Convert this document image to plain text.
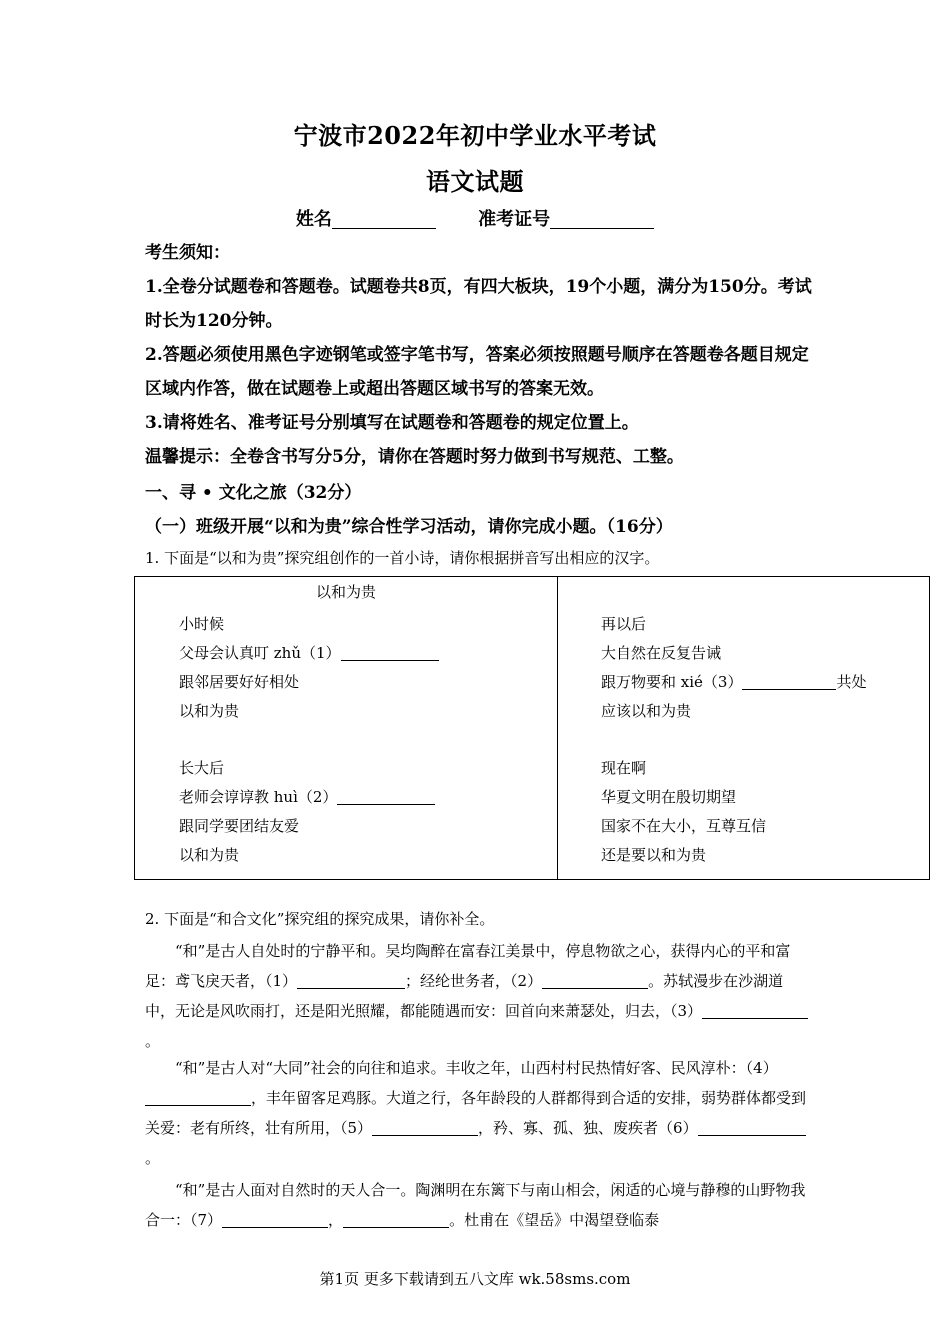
宁波市2022年初中学业水平考试
语文试题
姓名	准考证号
考生须知：
1.全卷分试题卷和答题卷。试题卷共8页，有四大板块，19个小题，满分为150分。考试时长为120分钟。
2.答题必须使用黑色字迹钢笔或签字笔书写，答案必须按照题号顺序在答题卷各题目规定区域内作答，做在试题卷上或超出答题区域书写的答案无效。
3.请将姓名、准考证号分别填写在试题卷和答题卷的规定位置上。
温馨提示：全卷含书写分5分，请你在答题时努力做到书写规范、工整。
一、寻 • 文化之旅（32分）
（一）班级开展“以和为贵”综合性学习活动，请你完成小题。（16分）
1. 下面是“以和为贵”探究组创作的一首小诗，请你根据拼音写出相应的汉字。
以和为贵
小时候
父母会认真叮 zhǔ（1）
跟邻居要好好相处
以和为贵
长大后
老师会谆谆教 huì（2）
跟同学要团结友爱
以和为贵
再以后
大自然在反复告诫
跟万物要和 xié（3）	共处
应该以和为贵
现在啊
华夏文明在殷切期望
国家不在大小，互尊互信
还是要以和为贵
2. 下面是“和合文化”探究组的探究成果，请你补全。
“和”是古人自处时的宁静平和。吴均陶醉在富春江美景中，停息物欲之心，获得内心的平和富足：鸢飞戾天者，（1）	；经纶世务者，（2）	。苏轼漫步在沙湖道中，无论是风吹雨打，还是阳光照耀，都能随遇而安：回首向来萧瑟处，归去，（3）。
“和”是古人对“大同”社会的向往和追求。丰收之年，山西村村民热情好客、民风淳朴：（4），丰年留客足鸡豚。大道之行，各年龄段的人群都得到合适的安排，弱势群体都受到关爱：老有所终，壮有所用，（5）	，矜、寡、孤、独、废疾者（6）。
“和”是古人面对自然时的天人合一。陶渊明在东篱下与南山相会，闲适的心境与静穆的山野物我合一：（7）	，	。杜甫在《望岳》中渴望登临泰
第1页 更多下载请到五八文库 wk.58sms.com
